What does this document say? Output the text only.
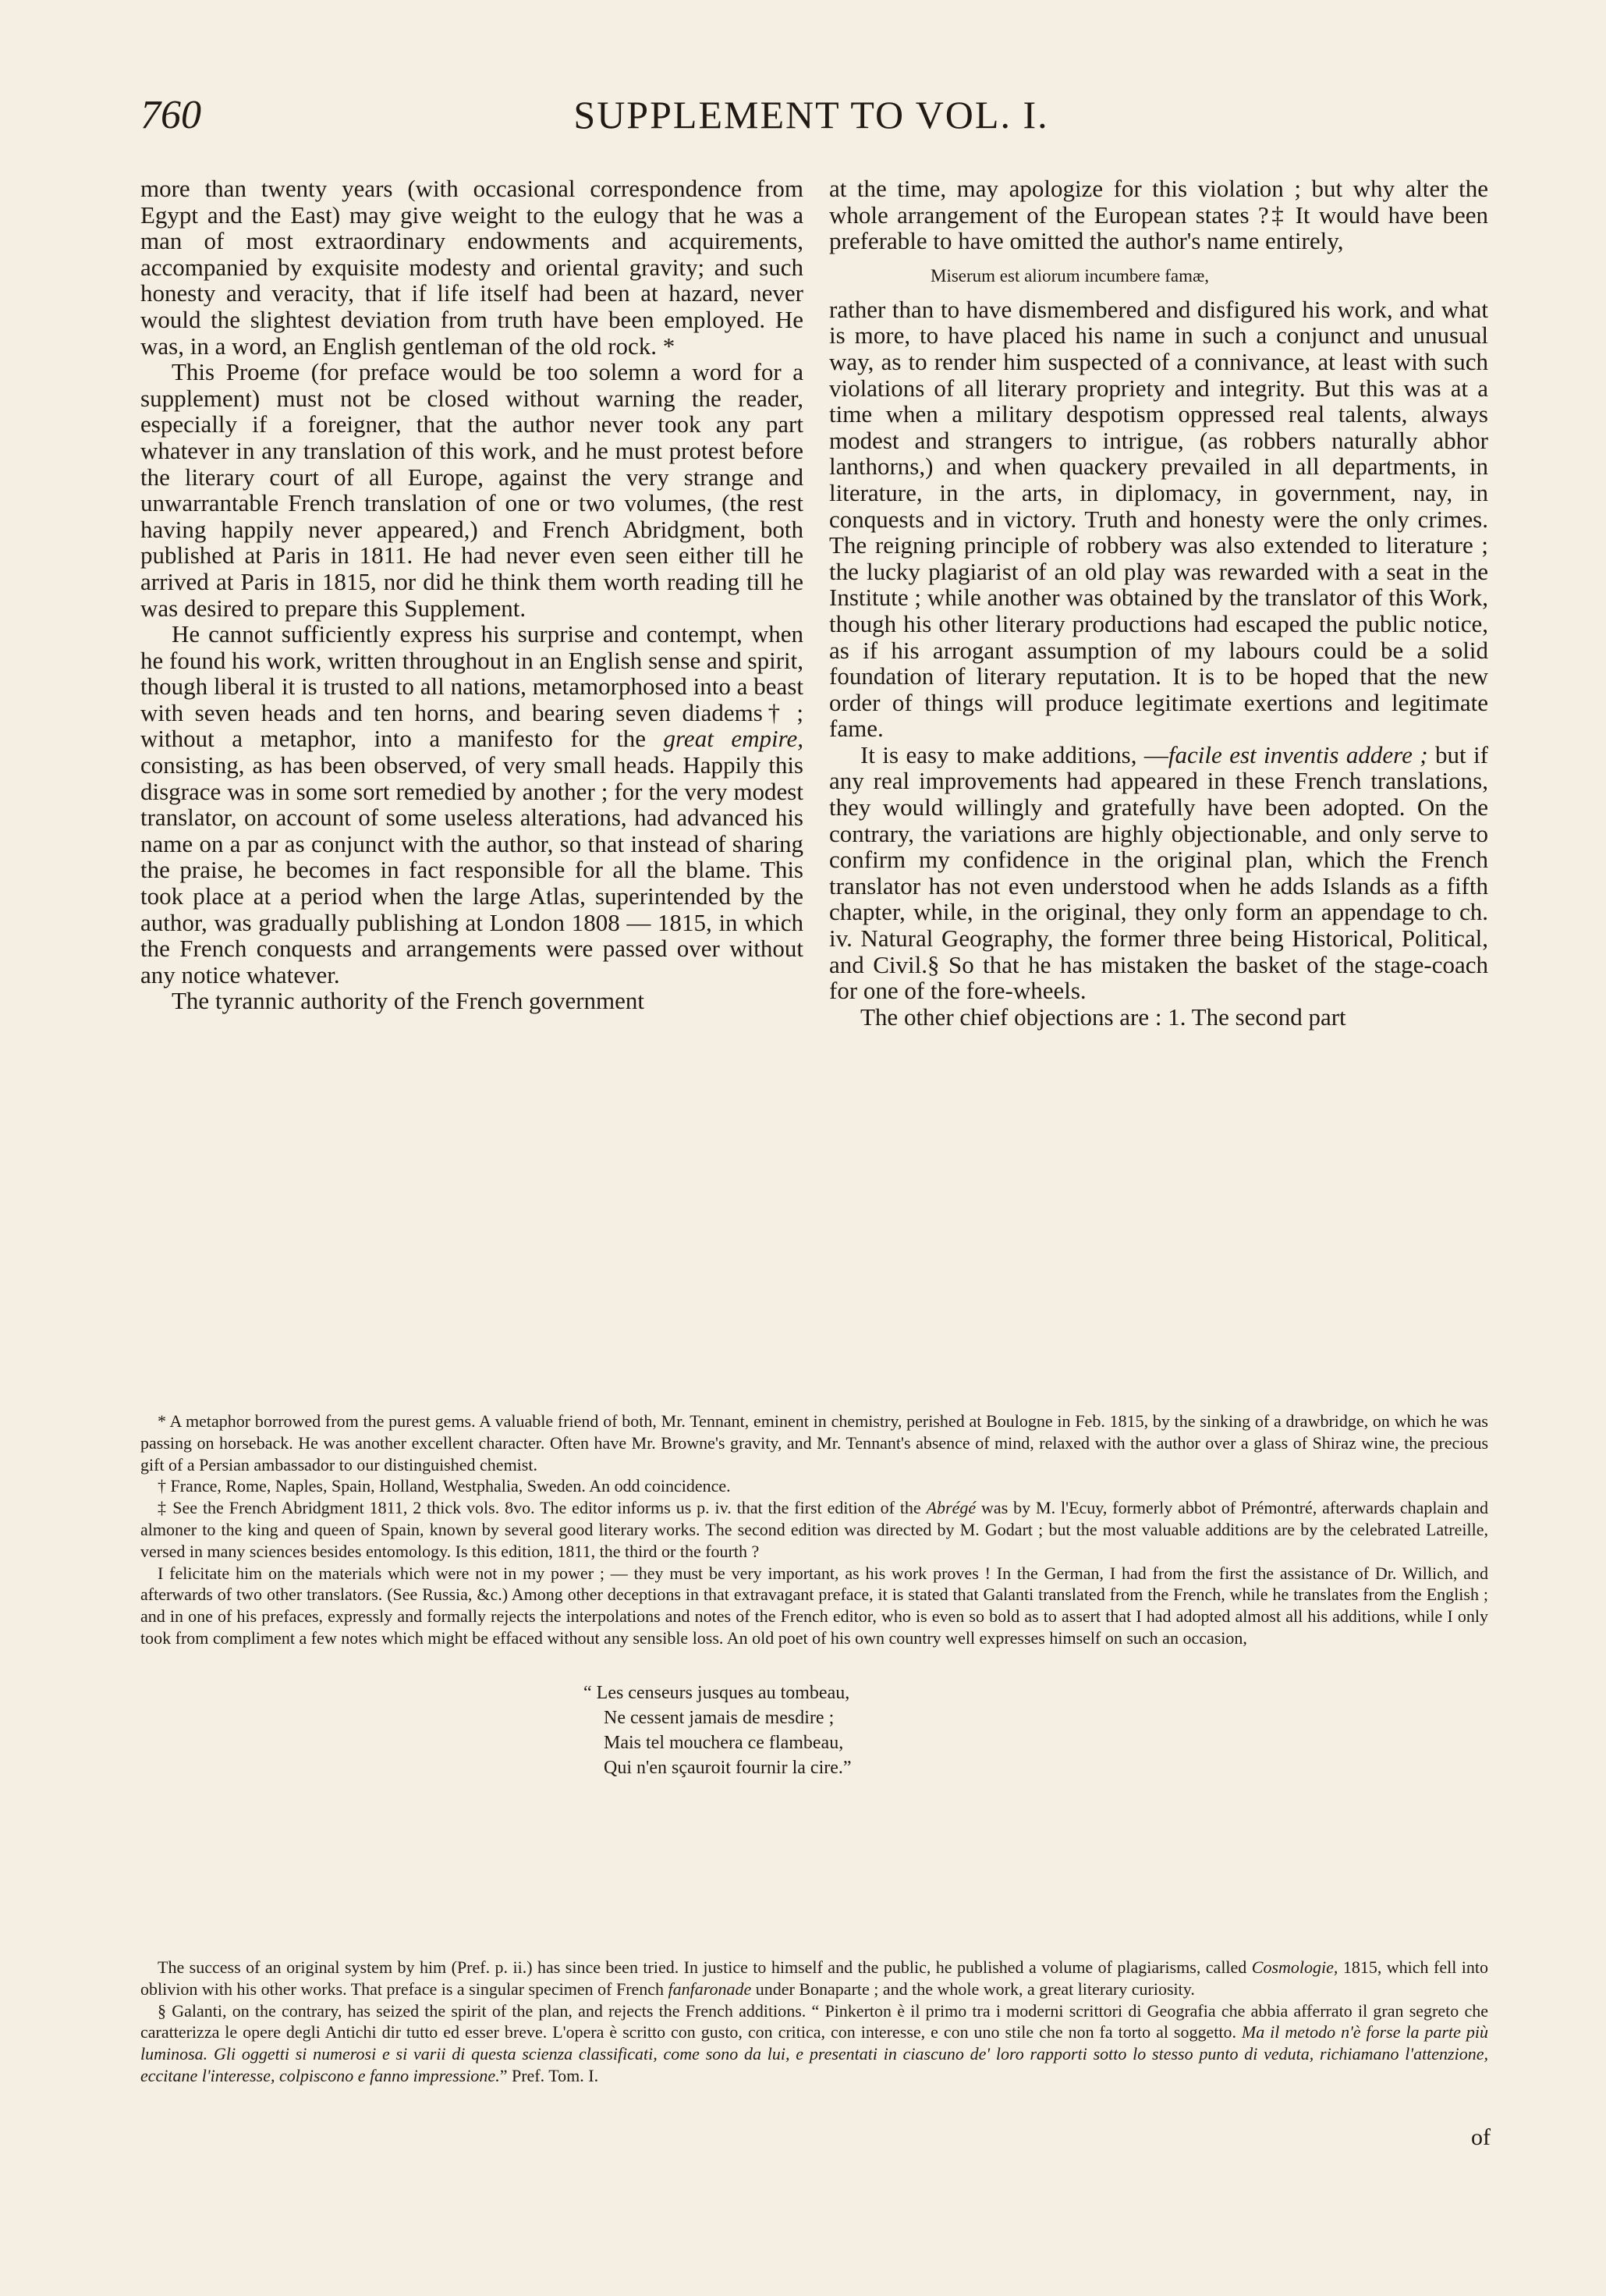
760	SUPPLEMENT TO VOL. I.

more than twenty years (with occasional correspondence from Egypt and the East) may give weight to the eulogy that he was a man of most extraordinary endowments and acquirements, accompanied by exquisite modesty and oriental gravity; and such honesty and veracity, that if life itself had been at hazard, never would the slightest deviation from truth have been employed. He was, in a word, an English gentleman of the old rock. *

This Proeme (for preface would be too solemn a word for a supplement) must not be closed without warning the reader, especially if a foreigner, that the author never took any part whatever in any translation of this work, and he must protest before the literary court of all Europe, against the very strange and unwarrantable French translation of one or two volumes, (the rest having happily never appeared,) and French Abridgment, both published at Paris in 1811. He had never even seen either till he arrived at Paris in 1815, nor did he think them worth reading till he was desired to prepare this Supplement.

He cannot sufficiently express his surprise and contempt, when he found his work, written throughout in an English sense and spirit, though liberal it is trusted to all nations, metamorphosed into a beast with seven heads and ten horns, and bearing seven diadems† ; without a metaphor, into a manifesto for the great empire, consisting, as has been observed, of very small heads. Happily this disgrace was in some sort remedied by another ; for the very modest translator, on account of some useless alterations, had advanced his name on a par as conjunct with the author, so that instead of sharing the praise, he becomes in fact responsible for all the blame. This took place at a period when the large Atlas, superintended by the author, was gradually publishing at London 1808 — 1815, in which the French conquests and arrangements were passed over without any notice whatever.

The tyrannic authority of the French government

at the time, may apologize for this violation ; but why alter the whole arrangement of the European states ?‡ It would have been preferable to have omitted the author's name entirely,

Miserum est aliorum incumbere famæ,

rather than to have dismembered and disfigured his work, and what is more, to have placed his name in such a conjunct and unusual way, as to render him suspected of a connivance, at least with such violations of all literary propriety and integrity. But this was at a time when a military despotism oppressed real talents, always modest and strangers to intrigue, (as robbers naturally abhor lanthorns,) and when quackery prevailed in all departments, in literature, in the arts, in diplomacy, in government, nay, in conquests and in victory. Truth and honesty were the only crimes. The reigning principle of robbery was also extended to literature ; the lucky plagiarist of an old play was rewarded with a seat in the Institute ; while another was obtained by the translator of this Work, though his other literary productions had escaped the public notice, as if his arrogant assumption of my labours could be a solid foundation of literary reputation. It is to be hoped that the new order of things will produce legitimate exertions and legitimate fame.

It is easy to make additions, —facile est inventis addere ; but if any real improvements had appeared in these French translations, they would willingly and gratefully have been adopted. On the contrary, the variations are highly objectionable, and only serve to confirm my confidence in the original plan, which the French translator has not even understood when he adds Islands as a fifth chapter, while, in the original, they only form an appendage to ch. iv. Natural Geography, the former three being Historical, Political, and Civil.§ So that he has mistaken the basket of the stage-coach for one of the fore-wheels.

The other chief objections are : 1. The second part

* A metaphor borrowed from the purest gems. A valuable friend of both, Mr. Tennant, eminent in chemistry, perished at Boulogne in Feb. 1815, by the sinking of a drawbridge, on which he was passing on horseback. He was another excellent character. Often have Mr. Browne's gravity, and Mr. Tennant's absence of mind, relaxed with the author over a glass of Shiraz wine, the precious gift of a Persian ambassador to our distinguished chemist.

† France, Rome, Naples, Spain, Holland, Westphalia, Sweden. An odd coincidence.

‡ See the French Abridgment 1811, 2 thick vols. 8vo. The editor informs us p. iv. that the first edition of the Abrégé was by M. l'Ecuy, formerly abbot of Prémontré, afterwards chaplain and almoner to the king and queen of Spain, known by several good literary works. The second edition was directed by M. Godart ; but the most valuable additions are by the celebrated Latreille, versed in many sciences besides entomology. Is this edition, 1811, the third or the fourth ?

I felicitate him on the materials which were not in my power ; — they must be very important, as his work proves ! In the German, I had from the first the assistance of Dr. Willich, and afterwards of two other translators. (See Russia, &c.) Among other deceptions in that extravagant preface, it is stated that Galanti translated from the French, while he translates from the English ; and in one of his prefaces, expressly and formally rejects the interpolations and notes of the French editor, who is even so bold as to assert that I had adopted almost all his additions, while I only took from compliment a few notes which might be effaced without any sensible loss. An old poet of his own country well expresses himself on such an occasion,

“ Les censeurs jusques au tombeau,
Ne cessent jamais de mesdire ;
Mais tel mouchera ce flambeau,
Qui n'en sçauroit fournir la cire.”

The success of an original system by him (Pref. p. ii.) has since been tried. In justice to himself and the public, he published a volume of plagiarisms, called Cosmologie, 1815, which fell into oblivion with his other works. That preface is a singular specimen of French fanfaronade under Bonaparte ; and the whole work, a great literary curiosity.

§ Galanti, on the contrary, has seized the spirit of the plan, and rejects the French additions. “ Pinkerton è il primo tra i moderni scrittori di Geografia che abbia afferrato il gran segreto che caratterizza le opere degli Antichi dir tutto ed esser breve. L'opera è scritto con gusto, con critica, con interesse, e con uno stile che non fa torto al soggetto. Ma il metodo n'è forse la parte più luminosa. Gli oggetti si numerosi e si varii di questa scienza classificati, come sono da lui, e presentati in ciascuno de' loro rapporti sotto lo stesso punto di veduta, richiamano l'attenzione, eccitane l'interesse, colpiscono e fanno impressione.” Pref. Tom. I.

of
